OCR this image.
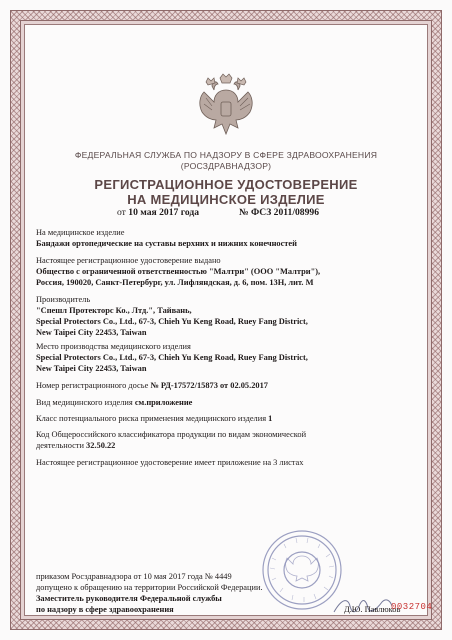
ФЕДЕРАЛЬНАЯ СЛУЖБА ПО НАДЗОРУ В СФЕРЕ ЗДРАВООХРАНЕНИЯ
(РОСЗДРАВНАДЗОР)
РЕГИСТРАЦИОННОЕ УДОСТОВЕРЕНИЕ
НА МЕДИЦИНСКОЕ ИЗДЕЛИЕ
от 10 мая 2017 года	№ ФСЗ 2011/08996
На медицинское изделие
Бандажи ортопедические на суставы верхних и нижних конечностей
Настоящее регистрационное удостоверение выдано
Общество с ограниченной ответственностью "Малтри" (ООО "Малтри"),
Россия, 190020, Санкт-Петербург, ул. Лифляндская, д. 6, пом. 13Н, лит. М
Производитель
"Спешл Протекторс Ко., Лтд.", Тайвань,
Special Protectors Co., Ltd., 67-3, Chieh Yu Keng Road, Ruey Fang District,
New Taipei City 22453, Taiwan
Место производства медицинского изделия
Special Protectors Co., Ltd., 67-3, Chieh Yu Keng Road, Ruey Fang District,
New Taipei City 22453, Taiwan
Номер регистрационного досье № РД-17572/15873 от 02.05.2017
Вид медицинского изделия см.приложение
Класс потенциального риска применения медицинского изделия 1
Код Общероссийского классификатора продукции по видам экономической
деятельности 32.50.22
Настоящее регистрационное удостоверение имеет приложение на 3 листах
приказом Росздравнадзора от 10 мая 2017 года № 4449
допущено к обращению на территории Российской Федерации.
Заместитель руководителя Федеральной службы
по надзору в сфере здравоохранения	Д.Ю. Павлюков
0032704
